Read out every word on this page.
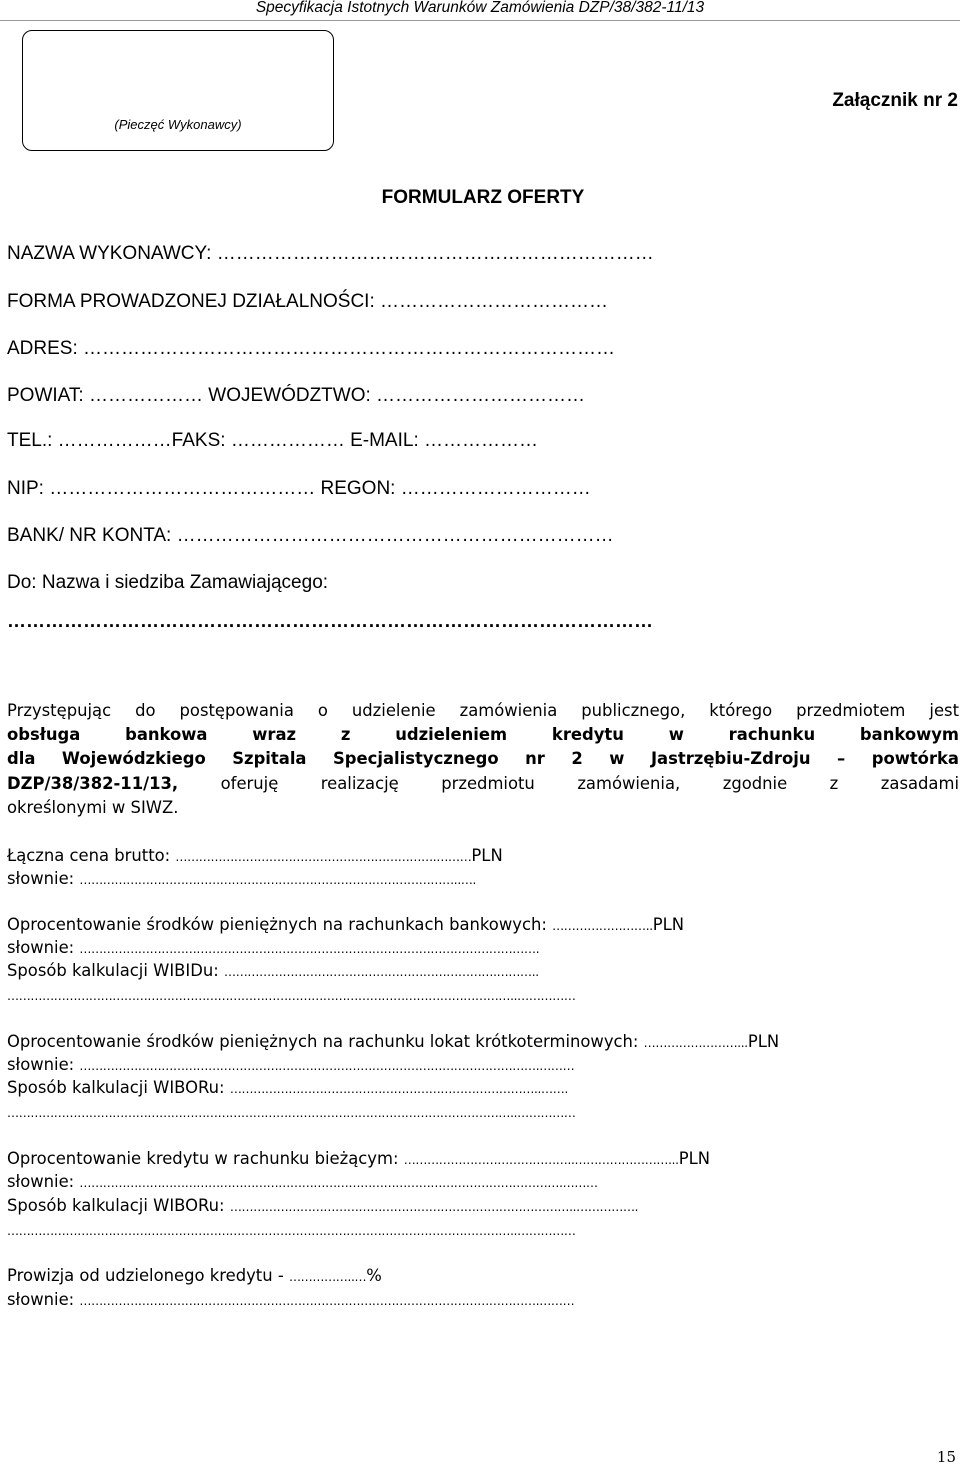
Specyfikacja Istotnych Warunków Zamówienia DZP/38/382-11/13
(Pieczęć Wykonawcy)
Załącznik nr 2
FORMULARZ OFERTY
NAZWA WYKONAWCY: ……………………………………………………………
FORMA PROWADZONEJ DZIAŁALNOŚCI: ………………………………
ADRES: …………………………………………………………………………
POWIAT: ……………… WOJEWÓDZTWO: ……………………………
TEL.: ………………FAKS: ……………… E-MAIL: ………………
NIP: …………………………………… REGON: …………………………
BANK/ NR KONTA: ……………………………………………………………
Do: Nazwa i siedziba Zamawiającego:
…………………………………………………………………………………………
Przystępując do postępowania o udzielenie zamówienia publicznego, którego przedmiotem jest
obsługa bankowa wraz z udzieleniem kredytu w rachunku bankowym
dla Wojewódzkiego Szpitala Specjalistycznego nr 2 w Jastrzębiu-Zdroju – powtórka
DZP/38/382-11/13, oferuję realizację przedmiotu zamówienia, zgodnie z zasadami
określonymi w SIWZ.
Łączna cena brutto: ………………………………………………………….………PLN
słownie: ……………………………………………………………………………………..….
Oprocentowanie środków pieniężnych na rachunkach bankowych: ……………………..PLN
słownie: ……………………………………………………………………………………………………….
Sposób kalkulacji WIBIDu: …………………………………………………………….………..
…………………………………………………………………………………………………………………..……………
Oprocentowanie środków pieniężnych na rachunku lokat krótkoterminowych: ……………………...PLN
słownie: ……………………………………………………………………………………………………….………
Sposób kalkulacji WIBORu: ……………………………………………………………………..…….
…………………………………………………………………………………………………………………..……………
Oprocentowanie kredytu w rachunku bieżącym: ……………………………………..……………………...PLN
słownie: …………………………………………………………………………………………………………….………
Sposób kalkulacji WIBORu: ……………………………………………………………………………..…………….
…………………………………………………………………………………………………………………..……………
Prowizja od udzielonego kredytu - ……………..…%
słownie: ……………………………………………………………………………………………………….………
15
